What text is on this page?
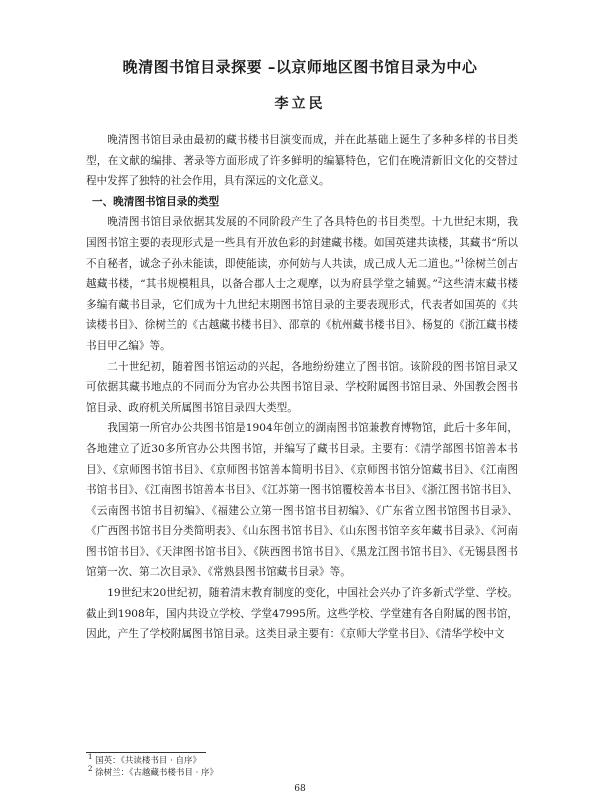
晚清图书馆目录探要 –以京师地区图书馆目录为中心
李立民

晚清图书馆目录由最初的藏书楼书目演变而成，并在此基础上诞生了多种多样的书目类型，在文献的编排、著录等方面形成了许多鲜明的编纂特色，它们在晚清新旧文化的交替过程中发挥了独特的社会作用，具有深远的文化意义。

一、晚清图书馆目录的类型

晚清图书馆目录依据其发展的不同阶段产生了各具特色的书目类型。十九世纪末期，我国图书馆主要的表现形式是一些具有开放色彩的封建藏书楼。如国英建共读楼，其藏书“所以不自秘者，诚念子孙未能读，即使能读，亦何妨与人共读，成己成人无二道也。”$^1$徐树兰创古越藏书楼，“其书规模粗具，以备合郡人士之观摩，以为府县学堂之辅翼。”$^2$这些清末藏书楼多编有藏书目录，它们成为十九世纪末期图书馆目录的主要表现形式，代表者如国英的《共读楼书目》、徐树兰的《古越藏书楼书目》、邵章的《杭州藏书楼书目》、杨复的《浙江藏书楼书目甲乙编》等。

二十世纪初，随着图书馆运动的兴起，各地纷纷建立了图书馆。该阶段的图书馆目录又可依据其藏书地点的不同而分为官办公共图书馆目录、学校附属图书馆目录、外国教会图书馆目录、政府机关所属图书馆目录四大类型。

我国第一所官办公共图书馆是1904年创立的湖南图书馆兼教育博物馆，此后十多年间，各地建立了近30多所官办公共图书馆，并编写了藏书目录。主要有：《清学部图书馆善本书目》、《京师图书馆书目》、《京师图书馆善本简明书目》、《京师图书馆分馆藏书目》、《江南图书馆书目》、《江南图书馆善本书目》、《江苏第一图书馆覆校善本书目》、《浙江图书馆书目》、《云南图书馆书目初编》、《福建公立第一图书馆书目初编》、《广东省立图书馆图书目录》、《广西图书馆书目分类简明表》、《山东图书馆书目》、《山东图书馆辛亥年藏书目录》、《河南图书馆书目》、《天津图书馆书目》、《陕西图书馆书目》、《黑龙江图书馆书目》、《无锡县图书馆第一次、第二次目录》、《常熟县图书馆藏书目录》等。

19世纪末20世纪初，随着清末教育制度的变化，中国社会兴办了许多新式学堂、学校。截止到1908年，国内共设立学校、学堂47995所。这些学校、学堂建有各自附属的图书馆，因此，产生了学校附属图书馆目录。这类目录主要有：《京师大学堂书目》、《清华学校中文

$^1$ 国英：《共读楼书目 · 自序》
$^2$ 徐树兰：《古越藏书楼书目 · 序》
68
